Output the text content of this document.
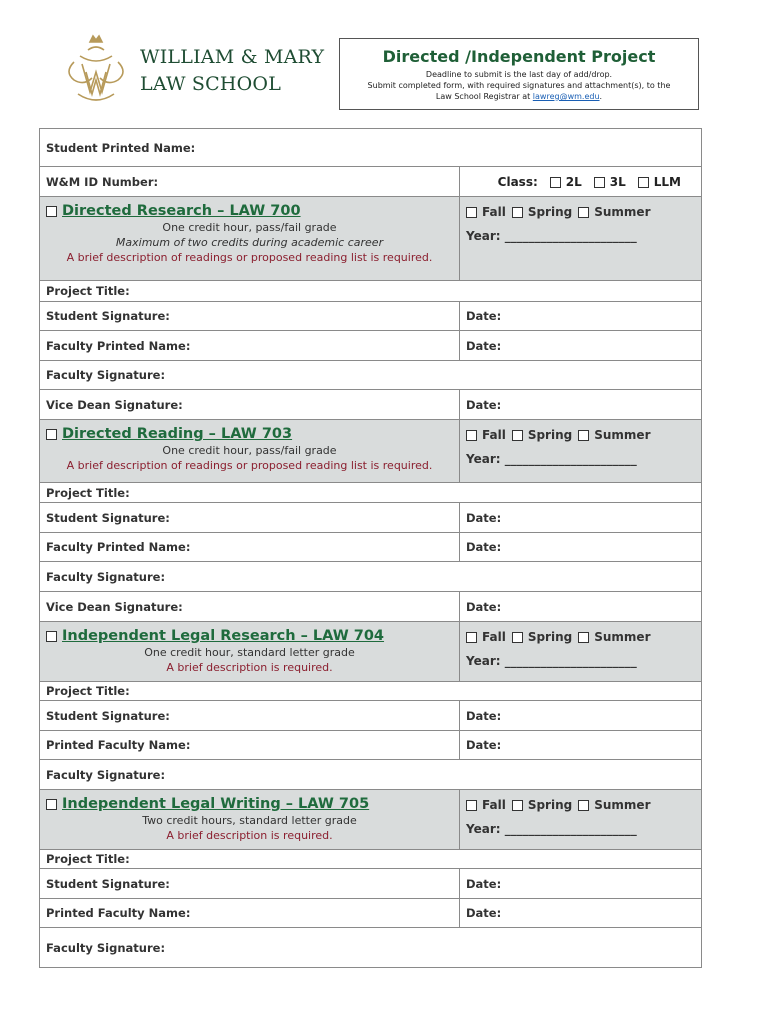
WILLIAM & MARY
LAW SCHOOL
Directed /Independent Project
Deadline to submit is the last day of add/drop.
Submit completed form, with required signatures and attachment(s), to the
Law School Registrar at lawreg@wm.edu.
Student Printed Name:
W&M ID Number:	Class:	2L	3L	LLM
Directed Research – LAW 700
One credit hour, pass/fail grade
Maximum of two credits during academic career
A brief description of readings or proposed reading list is required.
Fall Spring Summer
Year: ______________________
Project Title:
Student Signature:	Date:
Faculty Printed Name:	Date:
Faculty Signature:
Vice Dean Signature:	Date:
Directed Reading – LAW 703
One credit hour, pass/fail grade
A brief description of readings or proposed reading list is required.
Fall Spring Summer
Year: ______________________
Project Title:
Student Signature:	Date:
Faculty Printed Name:	Date:
Faculty Signature:
Vice Dean Signature:	Date:
Independent Legal Research – LAW 704
One credit hour, standard letter grade
A brief description is required.
Fall Spring Summer
Year: ______________________
Project Title:
Student Signature:	Date:
Printed Faculty Name:	Date:
Faculty Signature:
Independent Legal Writing – LAW 705
Two credit hours, standard letter grade
A brief description is required.
Fall Spring Summer
Year: ______________________
Project Title:
Student Signature:	Date:
Printed Faculty Name:	Date:
Faculty Signature:
